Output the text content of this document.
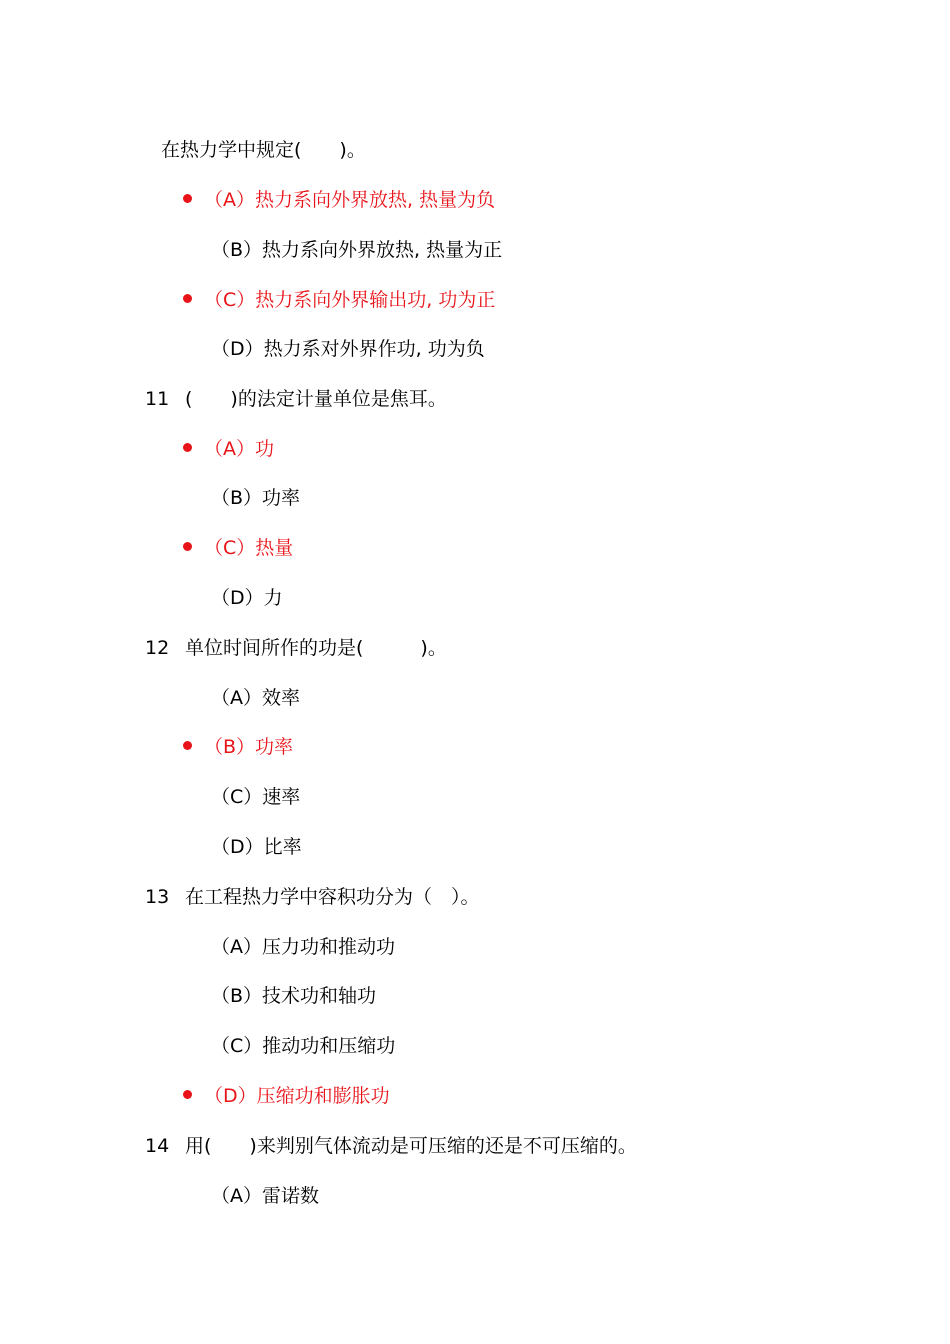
在热力学中规定(　　)。
（A）热力系向外界放热, 热量为负
（B）热力系向外界放热, 热量为正
（C）热力系向外界输出功, 功为正
（D）热力系对外界作功, 功为负
11 (　　)的法定计量单位是焦耳。
（A）功
（B）功率
（C）热量
（D）力
12 单位时间所作的功是(　　　)。
（A）效率
（B）功率
（C）速率
（D）比率
13 在工程热力学中容积功分为（　）。
（A）压力功和推动功
（B）技术功和轴功
（C）推动功和压缩功
（D）压缩功和膨胀功
14 用(　　)来判别气体流动是可压缩的还是不可压缩的。
（A）雷诺数
